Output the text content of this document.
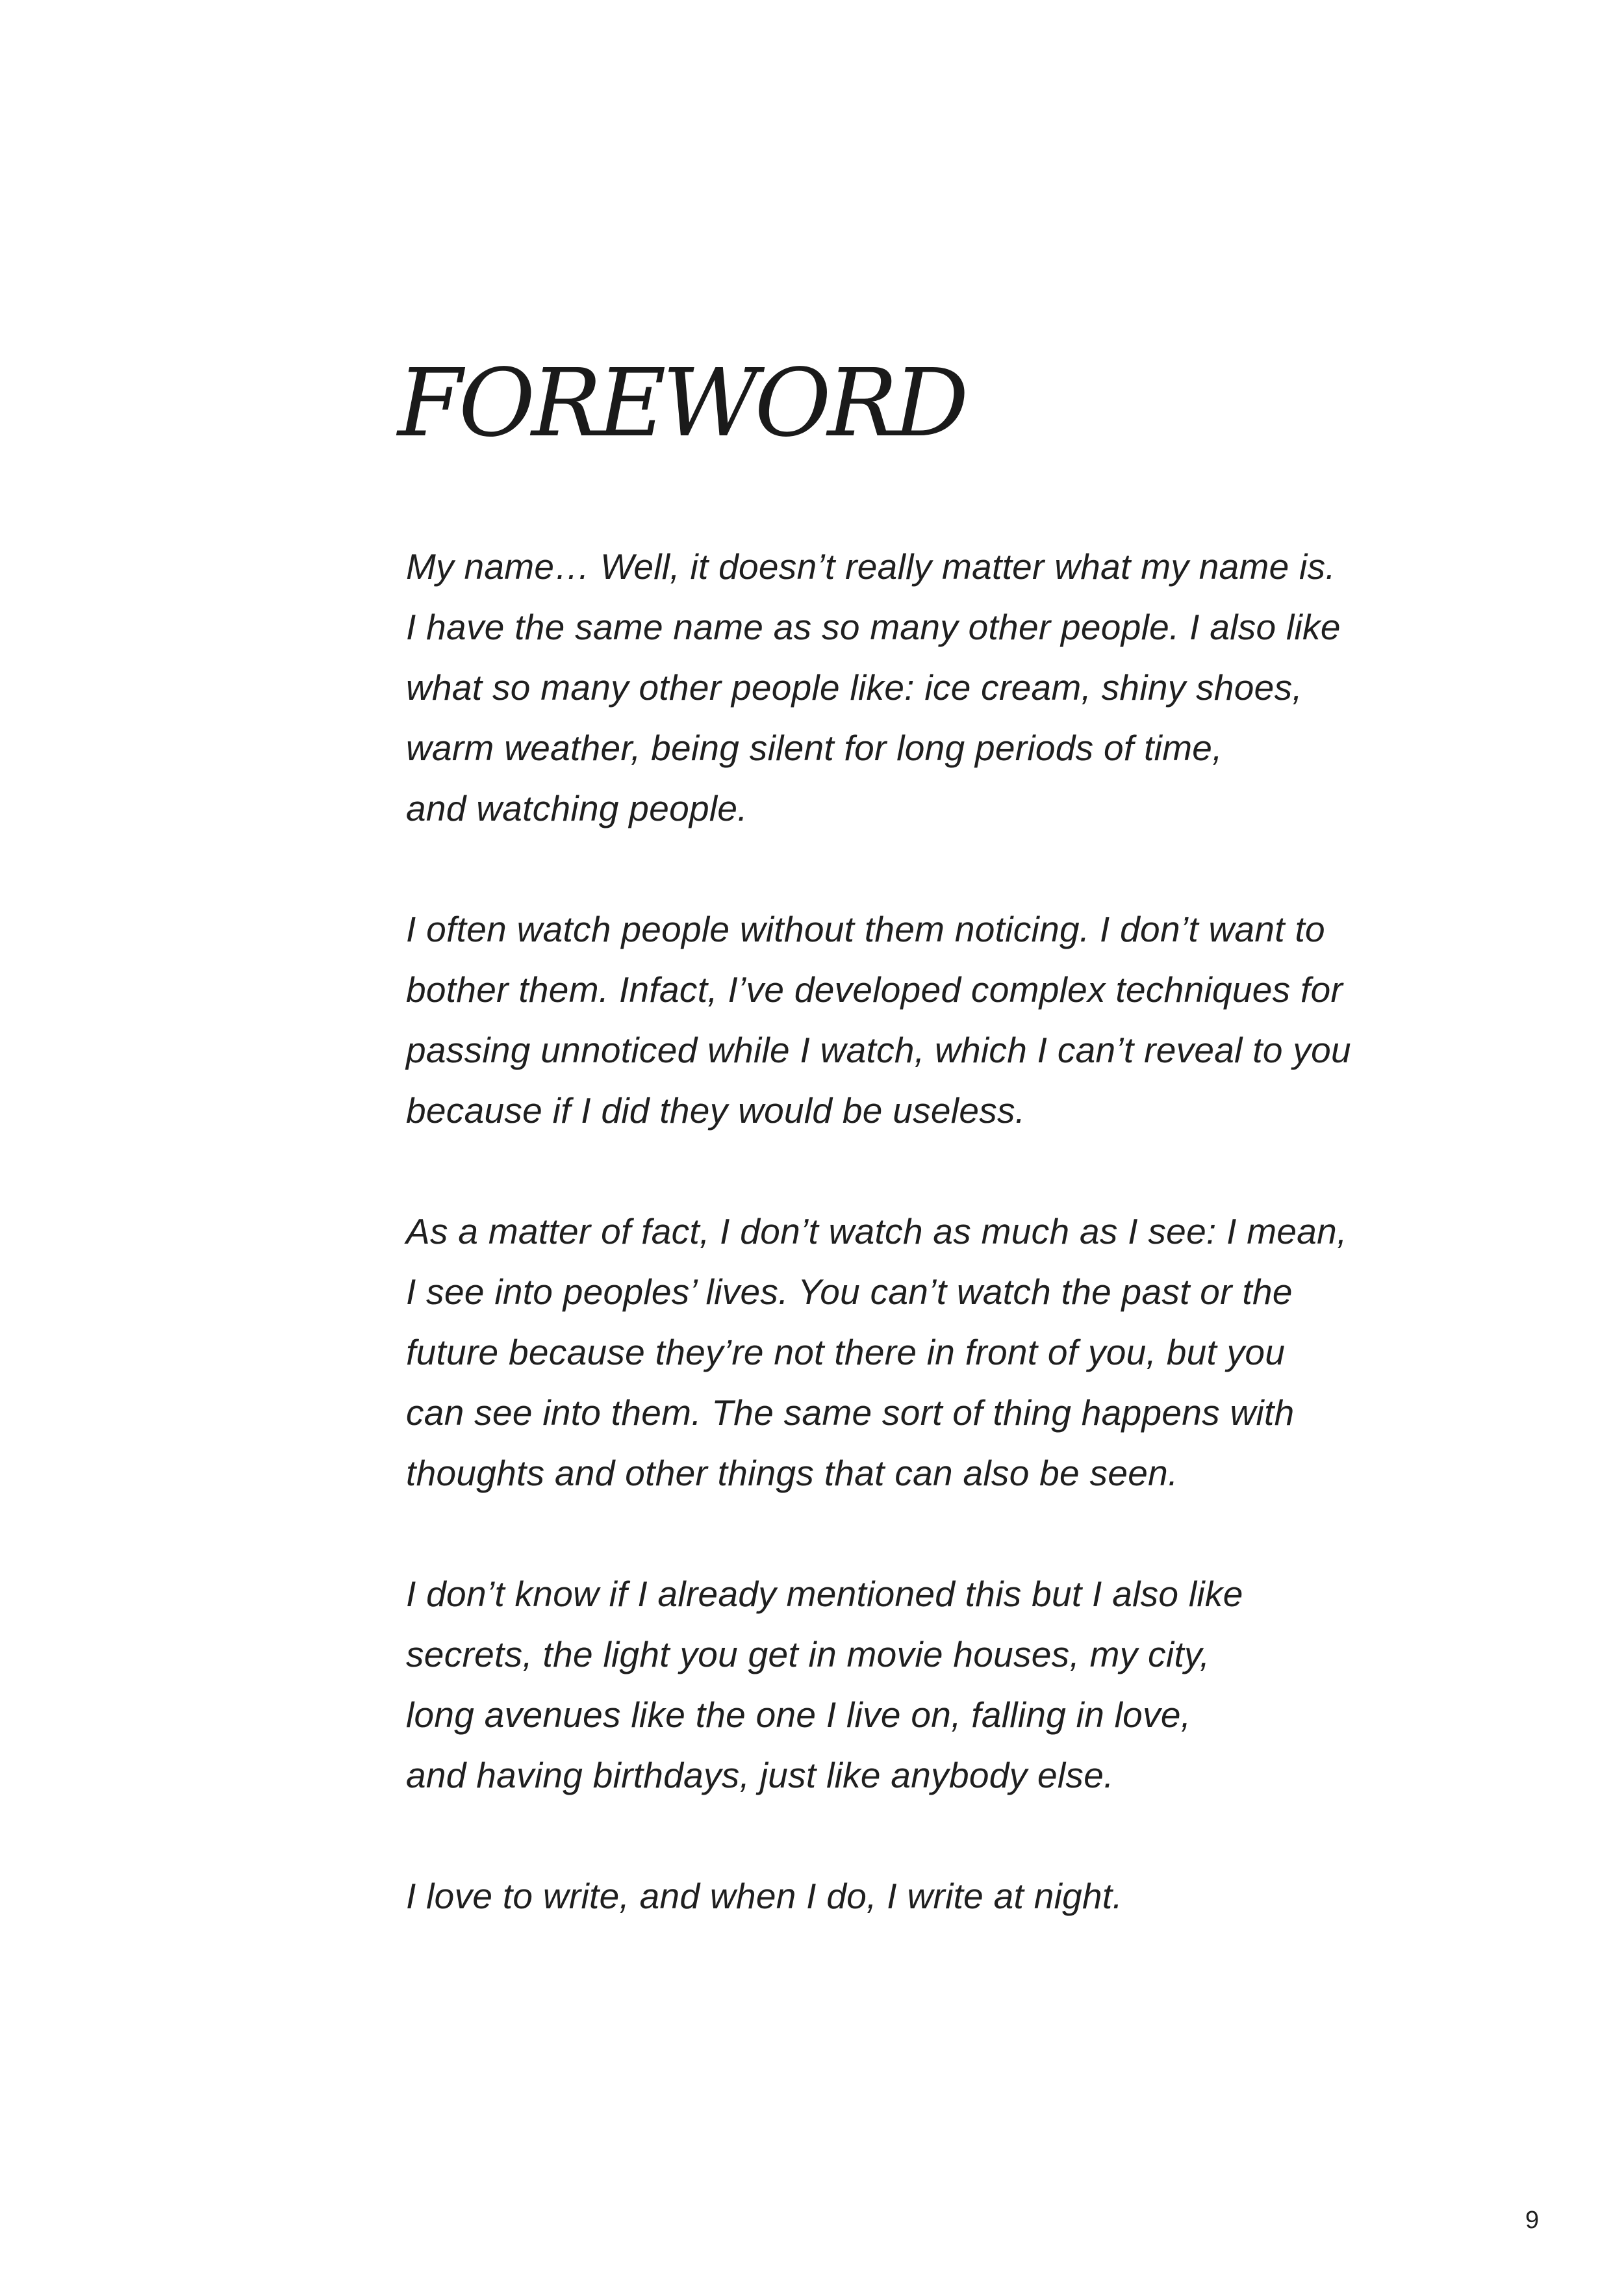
FOREWORD

My name… Well, it doesn’t really matter what my name is.
I have the same name as so many other people. I also like
what so many other people like: ice cream, shiny shoes,
warm weather, being silent for long periods of time,
and watching people.

I often watch people without them noticing. I don’t want to
bother them. Infact, I’ve developed complex techniques for
passing unnoticed while I watch, which I can’t reveal to you
because if I did they would be useless.

As a matter of fact, I don’t watch as much as I see: I mean,
I see into peoples’ lives. You can’t watch the past or the
future because they’re not there in front of you, but you
can see into them. The same sort of thing happens with
thoughts and other things that can also be seen.

I don’t know if I already mentioned this but I also like
secrets, the light you get in movie houses, my city,
long avenues like the one I live on, falling in love,
and having birthdays, just like anybody else.

I love to write, and when I do, I write at night.

9
